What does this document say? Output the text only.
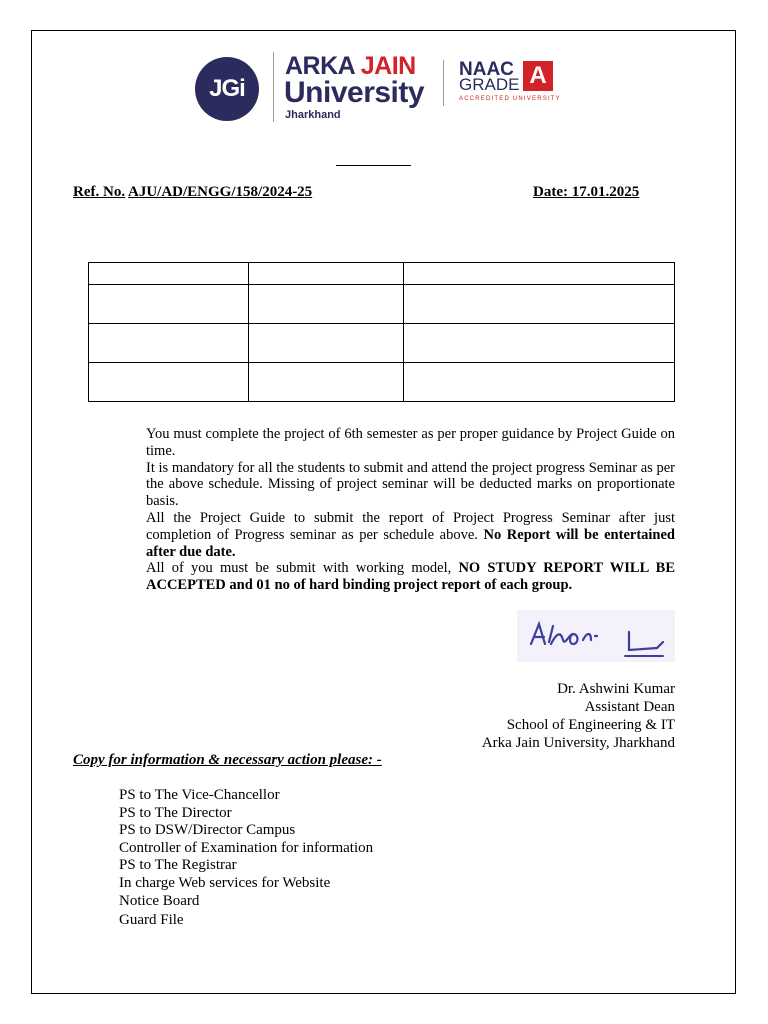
JGi
ARKA JAIN
University
Jharkhand
NAAC
GRADE A
ACCREDITED UNIVERSITY
Ref. No. AJU/AD/ENGG/158/2024-25	Date: 17.01.2025

You must complete the project of 6th semester as per proper guidance by Project Guide on time.

It is mandatory for all the students to submit and attend the project progress Seminar as per the above schedule. Missing of project seminar will be deducted marks on proportionate basis.

All the Project Guide to submit the report of Project Progress Seminar after just completion of Progress seminar as per schedule above. No Report will be entertained after due date.

All of you must be submit with working model, NO STUDY REPORT WILL BE ACCEPTED and 01 no of hard binding project report of each group.

Dr. Ashwini Kumar
Assistant Dean
School of Engineering & IT
Arka Jain University, Jharkhand
Copy for information & necessary action please: -
PS to The Vice-Chancellor
PS to The Director
PS to DSW/Director Campus
Controller of Examination for information
PS to The Registrar
In charge Web services for Website
Notice Board
Guard File
